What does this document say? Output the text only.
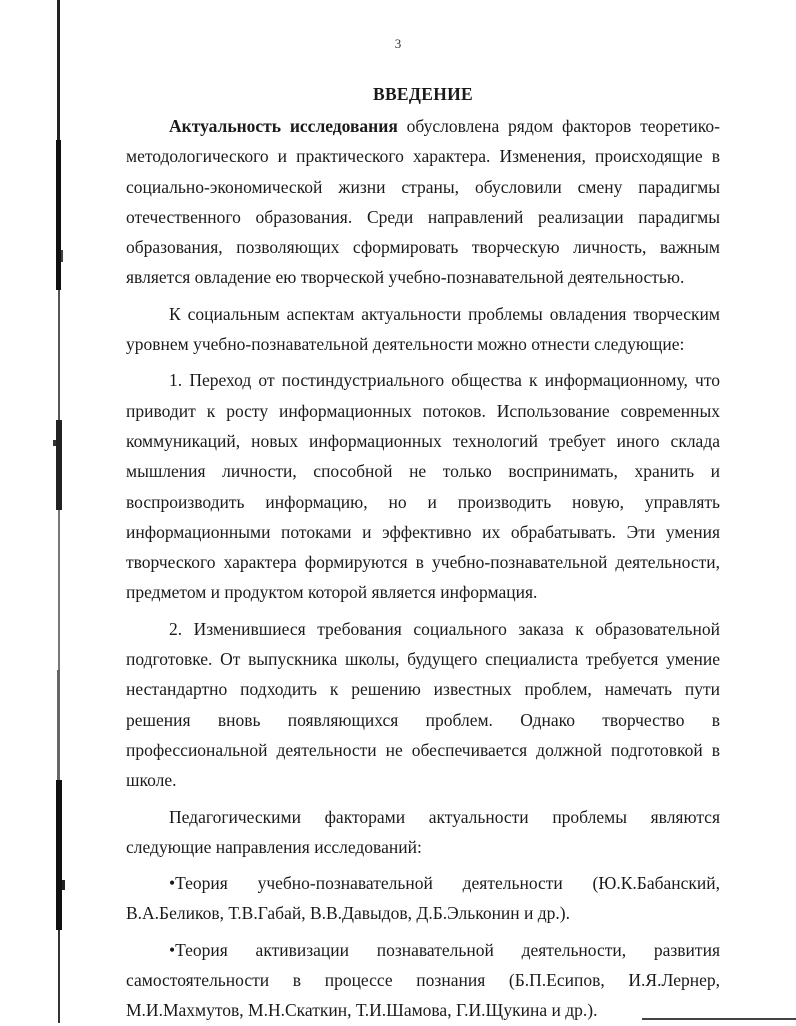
3
ВВЕДЕНИЕ

Актуальность исследования обусловлена рядом факторов теоретико-методологического и практического характера. Изменения, происходящие в социально-экономической жизни страны, обусловили смену парадигмы отечественного образования. Среди направлений реализации парадигмы образования, позволяющих сформировать творческую личность, важным является овладение ею творческой учебно-познавательной деятельностью.

К социальным аспектам актуальности проблемы овладения творческим уровнем учебно-познавательной деятельности можно отнести следующие:

1. Переход от постиндустриального общества к информационному, что приводит к росту информационных потоков. Использование современных коммуникаций, новых информационных технологий требует иного склада мышления личности, способной не только воспринимать, хранить и воспроизводить информацию, но и производить новую, управлять информационными потоками и эффективно их обрабатывать. Эти умения творческого характера формируются в учебно-познавательной деятельности, предметом и продуктом которой является информация.

2. Изменившиеся требования социального заказа к образовательной подготовке. От выпускника школы, будущего специалиста требуется умение нестандартно подходить к решению известных проблем, намечать пути решения вновь появляющихся проблем. Однако творчество в профессиональной деятельности не обеспечивается должной подготовкой в школе.

Педагогическими факторами актуальности проблемы являются следующие направления исследований:

•Теория учебно-познавательной деятельности (Ю.К.Бабанский, В.А.Беликов, Т.В.Габай, В.В.Давыдов, Д.Б.Эльконин и др.).

•Теория активизации познавательной деятельности, развития самостоятельности в процессе познания (Б.П.Есипов, И.Я.Лернер, М.И.Махмутов, М.Н.Скаткин, Т.И.Шамова, Г.И.Щукина и др.).
